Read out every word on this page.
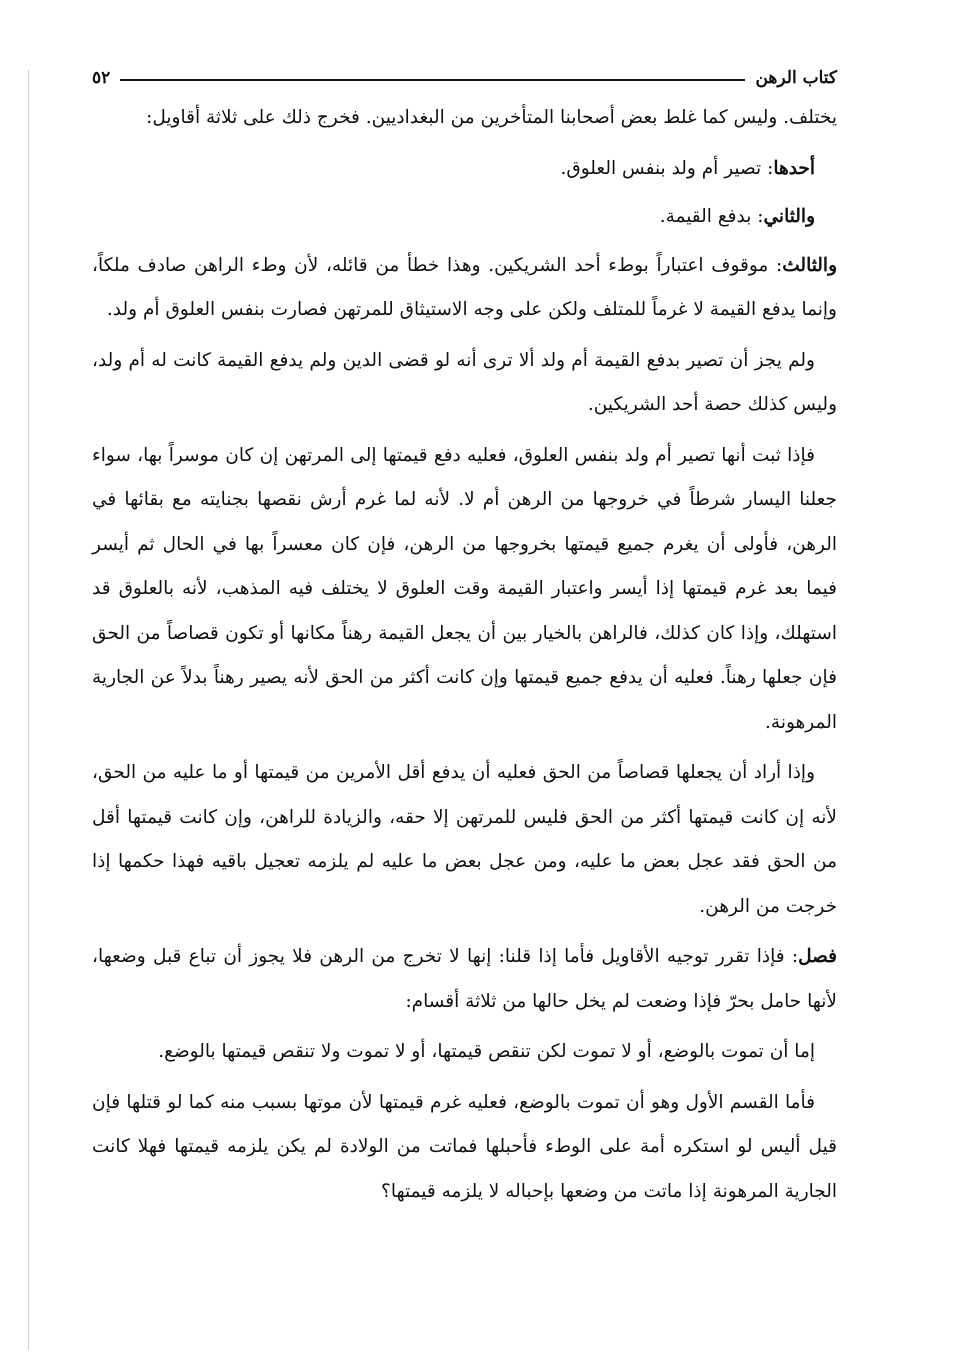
كتاب الرهن
٥٢

يختلف. وليس كما غلط بعض أصحابنا المتأخرين من البغداديين. فخرج ذلك على ثلاثة أقاويل:

أحدها: تصير أم ولد بنفس العلوق.

والثاني: بدفع القيمة.

والثالث: موقوف اعتباراً بوطء أحد الشريكين. وهذا خطأ من قائله، لأن وطء الراهن صادف ملكاً، وإنما يدفع القيمة لا غرماً للمتلف ولكن على وجه الاستيثاق للمرتهن فصارت بنفس العلوق أم ولد.

ولم يجز أن تصير بدفع القيمة أم ولد ألا ترى أنه لو قضى الدين ولم يدفع القيمة كانت له أم ولد، وليس كذلك حصة أحد الشريكين.

فإذا ثبت أنها تصير أم ولد بنفس العلوق، فعليه دفع قيمتها إلى المرتهن إن كان موسراً بها، سواء جعلنا اليسار شرطاً في خروجها من الرهن أم لا. لأنه لما غرم أرش نقصها بجنايته مع بقائها في الرهن، فأولى أن يغرم جميع قيمتها بخروجها من الرهن، فإن كان معسراً بها في الحال ثم أيسر فيما بعد غرم قيمتها إذا أيسر واعتبار القيمة وقت العلوق لا يختلف فيه المذهب، لأنه بالعلوق قد استهلك، وإذا كان كذلك، فالراهن بالخيار بين أن يجعل القيمة رهناً مكانها أو تكون قصاصاً من الحق فإن جعلها رهناً. فعليه أن يدفع جميع قيمتها وإن كانت أكثر من الحق لأنه يصير رهناً بدلاً عن الجارية المرهونة.

وإذا أراد أن يجعلها قصاصاً من الحق فعليه أن يدفع أقل الأمرين من قيمتها أو ما عليه من الحق، لأنه إن كانت قيمتها أكثر من الحق فليس للمرتهن إلا حقه، والزيادة للراهن، وإن كانت قيمتها أقل من الحق فقد عجل بعض ما عليه، ومن عجل بعض ما عليه لم يلزمه تعجيل باقيه فهذا حكمها إذا خرجت من الرهن.

فصل: فإذا تقرر توجيه الأقاويل فأما إذا قلنا: إنها لا تخرج من الرهن فلا يجوز أن تباع قبل وضعها، لأنها حامل بحرّ فإذا وضعت لم يخل حالها من ثلاثة أقسام:

إما أن تموت بالوضع، أو لا تموت لكن تنقص قيمتها، أو لا تموت ولا تنقص قيمتها بالوضع.

فأما القسم الأول وهو أن تموت بالوضع، فعليه غرم قيمتها لأن موتها بسبب منه كما لو قتلها فإن قيل أليس لو استكره أمة على الوطء فأحبلها فماتت من الولادة لم يكن يلزمه قيمتها فهلا كانت الجارية المرهونة إذا ماتت من وضعها بإحباله لا يلزمه قيمتها؟
